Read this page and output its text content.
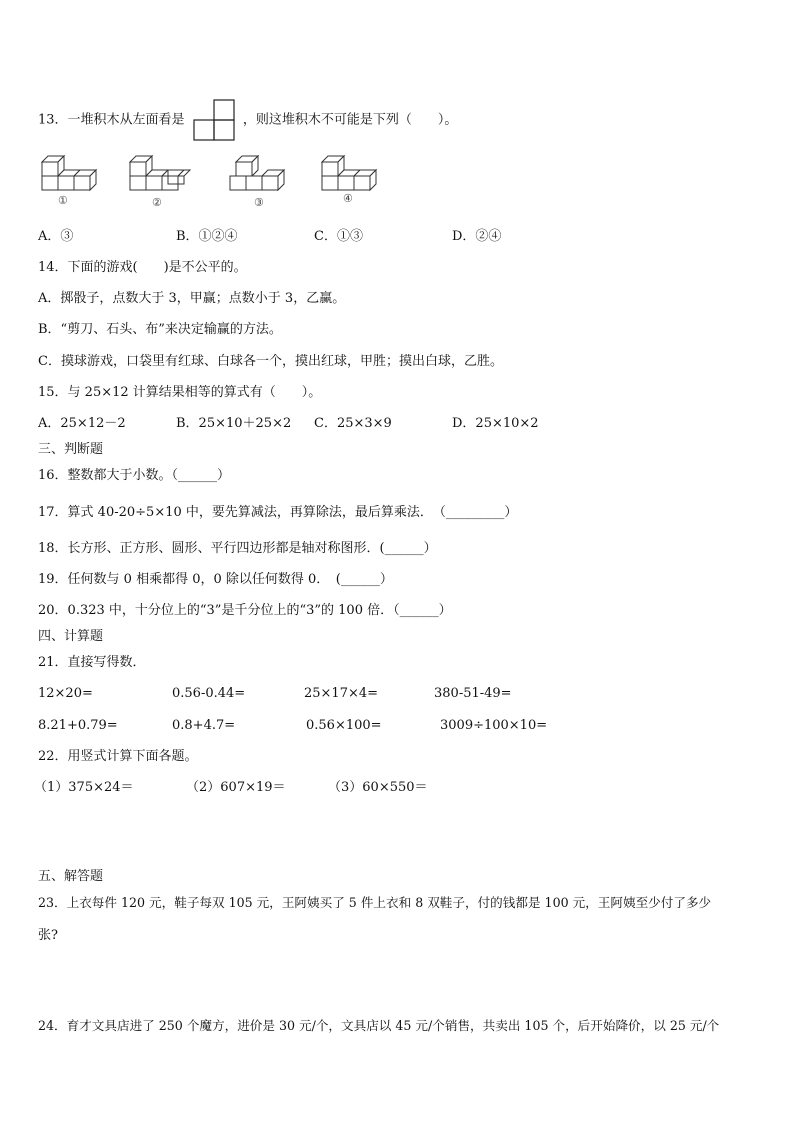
13．一堆积木从左面看是	，则这堆积木不可能是下列（　　）。
①	②	③	④
A．③	B．①②④	C．①③	D．②④
14．下面的游戏(　　)是不公平的。
A．掷骰子，点数大于 3，甲赢；点数小于 3，乙赢。
B．“剪刀、石头、布”来决定输赢的方法。
C．摸球游戏，口袋里有红球、白球各一个，摸出红球，甲胜；摸出白球，乙胜。
15．与 25×12 计算结果相等的算式有（　　）。
A．25×12－2	B．25×10＋25×2 C．25×3×9	D．25×10×2
三、判断题
16．整数都大于小数。（______）
17．算式 40-20÷5×10 中，要先算减法，再算除法，最后算乘法．　（_________）
18．长方形、正方形、圆形、平行四边形都是轴对称图形．(______）
19．任何数与 0 相乘都得 0，0 除以任何数得 0．　(______）
20．0.323 中，十分位上的“3”是千分位上的“3”的 100 倍．（______）
四、计算题
21．直接写得数．
12×20=	0.56-0.44=	25×17×4=	380-51-49=
8.21+0.79=	0.8+4.7=	0.56×100=	3009÷100×10=
22．用竖式计算下面各题。
（1）375×24＝	（2）607×19＝	（3）60×550＝
五、解答题
23．上衣每件 120 元，鞋子每双 105 元，王阿姨买了 5 件上衣和 8 双鞋子，付的钱都是 100 元，王阿姨至少付了多少
张?
24．育才文具店进了 250 个魔方，进价是 30 元/个，文具店以 45 元/个销售，共卖出 105 个，后开始降价，以 25 元/个
